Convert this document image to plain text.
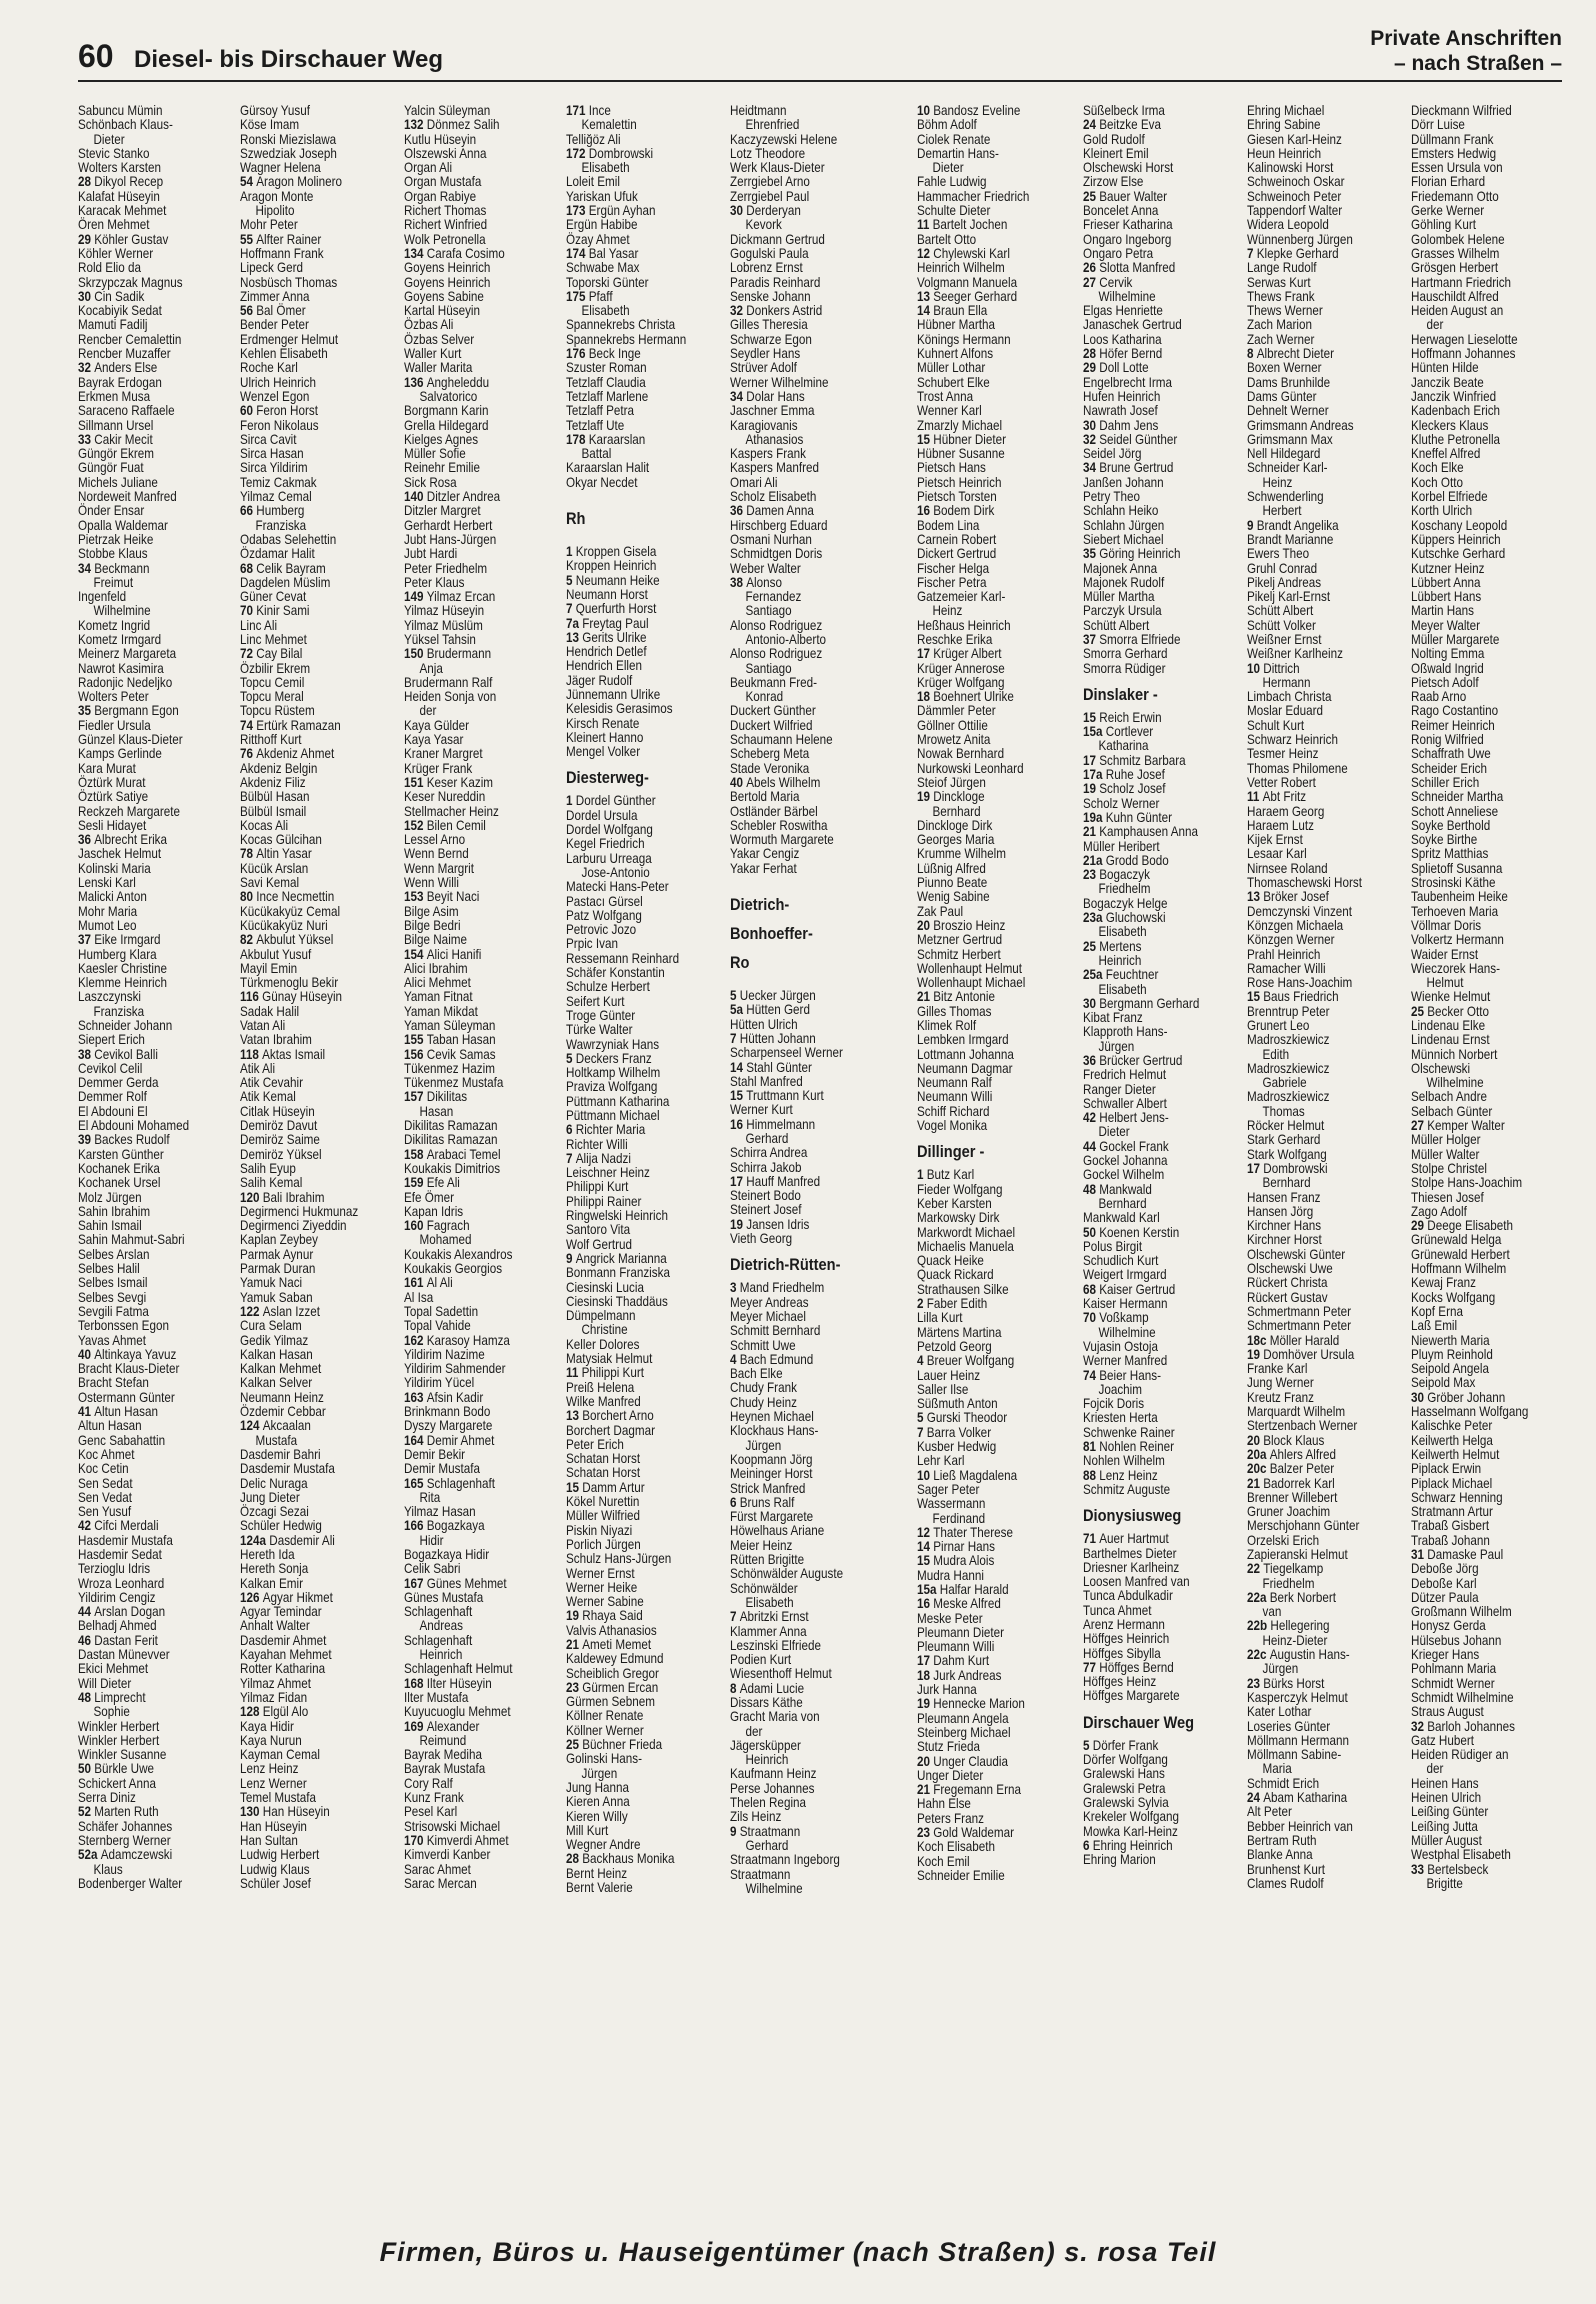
60 Diesel- bis Dirschauer Weg
Private Anschriften
– nach Straßen –
Sabuncu Mümin
Schönbach Klaus-
Dieter
Stevic Stanko
Wolters Karsten
28 Dikyol Recep
Kalafat Hüseyin
Karacak Mehmet
Ören Mehmet
29 Köhler Gustav
Köhler Werner
Rold Elio da
Skrzypczak Magnus
30 Cin Sadik
Kocabiyik Sedat
Mamuti Fadilj
Rencber Cemalettin
Rencber Muzaffer
32 Anders Else
Bayrak Erdogan
Erkmen Musa
Saraceno Raffaele
Sillmann Ursel
33 Cakir Mecit
Güngör Ekrem
Güngör Fuat
Michels Juliane
Nordeweit Manfred
Önder Ensar
Opalla Waldemar
Pietrzak Heike
Stobbe Klaus
34 Beckmann
Freimut
Ingenfeld
Wilhelmine
Kometz Ingrid
Kometz Irmgard
Meinerz Margareta
Nawrot Kasimira
Radonjic Nedeljko
Wolters Peter
35 Bergmann Egon
Fiedler Ursula
Günzel Klaus-Dieter
Kamps Gerlinde
Kara Murat
Öztürk Murat
Öztürk Satiye
Reckzeh Margarete
Sesli Hidayet
36 Albrecht Erika
Jaschek Helmut
Kolinski Maria
Lenski Karl
Malicki Anton
Mohr Maria
Mumot Leo
37 Eike Irmgard
Humberg Klara
Kaesler Christine
Klemme Heinrich
Laszczynski
Franziska
Schneider Johann
Siepert Erich
38 Cevikol Balli
Cevikol Celil
Demmer Gerda
Demmer Rolf
El Abdouni El
El Abdouni Mohamed
39 Backes Rudolf
Karsten Günther
Kochanek Erika
Kochanek Ursel
Molz Jürgen
Sahin Ibrahim
Sahin Ismail
Sahin Mahmut-Sabri
Selbes Arslan
Selbes Halil
Selbes Ismail
Selbes Sevgi
Sevgili Fatma
Terbonssen Egon
Yavas Ahmet
40 Altinkaya Yavuz
Bracht Klaus-Dieter
Bracht Stefan
Ostermann Günter
41 Altun Hasan
Altun Hasan
Genc Sabahattin
Koc Ahmet
Koc Cetin
Sen Sedat
Sen Vedat
Sen Yusuf
42 Cifci Merdali
Hasdemir Mustafa
Hasdemir Sedat
Terzioglu Idris
Wroza Leonhard
Yildirim Cengiz
44 Arslan Dogan
Belhadj Ahmed
46 Dastan Ferit
Dastan Münevver
Ekici Mehmet
Will Dieter
48 Limprecht
Sophie
Winkler Herbert
Winkler Herbert
Winkler Susanne
50 Bürkle Uwe
Schickert Anna
Serra Diniz
52 Marten Ruth
Schäfer Johannes
Sternberg Werner
52a Adamczewski
Klaus
Bodenberger Walter
Gürsoy Yusuf
Köse Imam
Ronski Miezislawa
Szwedziak Joseph
Wagner Helena
54 Aragon Molinero
Aragon Monte
Hipolito
Mohr Peter
55 Alfter Rainer
Hoffmann Frank
Lipeck Gerd
Nosbüsch Thomas
Zimmer Anna
56 Bal Ömer
Bender Peter
Erdmenger Helmut
Kehlen Elisabeth
Roche Karl
Ulrich Heinrich
Wenzel Egon
60 Feron Horst
Feron Nikolaus
Sirca Cavit
Sirca Hasan
Sirca Yildirim
Temiz Cakmak
Yilmaz Cemal
66 Humberg
Franziska
Odabas Selehettin
Özdamar Halit
68 Celik Bayram
Dagdelen Müslim
Güner Cevat
70 Kinir Sami
Linc Ali
Linc Mehmet
72 Cay Bilal
Özbilir Ekrem
Topcu Cemil
Topcu Meral
Topcu Rüstem
74 Ertürk Ramazan
Ritthoff Kurt
76 Akdeniz Ahmet
Akdeniz Belgin
Akdeniz Filiz
Bülbül Hasan
Bülbül Ismail
Kocas Ali
Kocas Gülcihan
78 Altin Yasar
Kücük Arslan
Savi Kemal
80 Ince Necmettin
Kücükakyüz Cemal
Kücükakyüz Nuri
82 Akbulut Yüksel
Akbulut Yusuf
Mayil Emin
Türkmenoglu Bekir
116 Günay Hüseyin
Sadak Halil
Vatan Ali
Vatan Ibrahim
118 Aktas Ismail
Atik Ali
Atik Cevahir
Atik Kemal
Citlak Hüseyin
Demiröz Davut
Demiröz Saime
Demiröz Yüksel
Salih Eyup
Salih Kemal
120 Bali Ibrahim
Degirmenci Hukmunaz
Degirmenci Ziyeddin
Kaplan Zeybey
Parmak Aynur
Parmak Duran
Yamuk Naci
Yamuk Saban
122 Aslan Izzet
Cura Selam
Gedik Yilmaz
Kalkan Hasan
Kalkan Mehmet
Kalkan Selver
Neumann Heinz
Özdemir Cebbar
124 Akcaalan
Mustafa
Dasdemir Bahri
Dasdemir Mustafa
Delic Nuraga
Jung Dieter
Özcagi Sezai
Schüler Hedwig
124a Dasdemir Ali
Hereth Ida
Hereth Sonja
Kalkan Emir
126 Agyar Hikmet
Agyar Temindar
Anhalt Walter
Dasdemir Ahmet
Kayahan Mehmet
Rotter Katharina
Yilmaz Ahmet
Yilmaz Fidan
128 Elgül Alo
Kaya Hidir
Kaya Nurun
Kayman Cemal
Lenz Heinz
Lenz Werner
Temel Mustafa
130 Han Hüseyin
Han Hüseyin
Han Sultan
Ludwig Herbert
Ludwig Klaus
Schüler Josef
Yalcin Süleyman
132 Dönmez Salih
Kutlu Hüseyin
Olszewski Anna
Organ Ali
Organ Mustafa
Organ Rabiye
Richert Thomas
Richert Winfried
Wolk Petronella
134 Carafa Cosimo
Goyens Heinrich
Goyens Heinrich
Goyens Sabine
Kartal Hüseyin
Özbas Ali
Özbas Selver
Waller Kurt
Waller Marita
136 Angheleddu
Salvatorico
Borgmann Karin
Grella Hildegard
Kielges Agnes
Müller Sofie
Reinehr Emilie
Sick Rosa
140 Ditzler Andrea
Ditzler Margret
Gerhardt Herbert
Jubt Hans-Jürgen
Jubt Hardi
Peter Friedhelm
Peter Klaus
149 Yilmaz Ercan
Yilmaz Hüseyin
Yilmaz Müslüm
Yüksel Tahsin
150 Brudermann
Anja
Brudermann Ralf
Heiden Sonja von
der
Kaya Gülder
Kaya Yasar
Kraner Margret
Krüger Frank
151 Keser Kazim
Keser Nureddin
Stellmacher Heinz
152 Bilen Cemil
Lessel Arno
Wenn Bernd
Wenn Margrit
Wenn Willi
153 Beyit Naci
Bilge Asim
Bilge Bedri
Bilge Naime
154 Alici Hanifi
Alici Ibrahim
Alici Mehmet
Yaman Fitnat
Yaman Mikdat
Yaman Süleyman
155 Taban Hasan
156 Cevik Samas
Tükenmez Hazim
Tükenmez Mustafa
157 Dikilitas
Hasan
Dikilitas Ramazan
Dikilitas Ramazan
158 Arabaci Temel
Koukakis Dimitrios
159 Efe Ali
Efe Ömer
Kapan Idris
160 Fagrach
Mohamed
Koukakis Alexandros
Koukakis Georgios
161 Al Ali
Al Isa
Topal Sadettin
Topal Vahide
162 Karasoy Hamza
Yildirim Nazime
Yildirim Sahmender
Yildirim Yücel
163 Afsin Kadir
Brinkmann Bodo
Dyszy Margarete
164 Demir Ahmet
Demir Bekir
Demir Mustafa
165 Schlagenhaft
Rita
Yilmaz Hasan
166 Bogazkaya
Hidir
Bogazkaya Hidir
Celik Sabri
167 Günes Mehmet
Günes Mustafa
Schlagenhaft
Andreas
Schlagenhaft
Heinrich
Schlagenhaft Helmut
168 Ilter Hüseyin
Ilter Mustafa
Kuyucuoglu Mehmet
169 Alexander
Reimund
Bayrak Mediha
Bayrak Mustafa
Cory Ralf
Kunz Frank
Pesel Karl
Strisowski Michael
170 Kimverdi Ahmet
Kimverdi Kanber
Sarac Ahmet
Sarac Mercan
171 Ince
Kemalettin
Telliğöz Ali
172 Dombrowski
Elisabeth
Loleit Emil
Yariskan Ufuk
173 Ergün Ayhan
Ergün Habibe
Özay Ahmet
174 Bal Yasar
Schwabe Max
Toporski Günter
175 Pfaff
Elisabeth
Spannekrebs Christa
Spannekrebs Hermann
176 Beck Inge
Szuster Roman
Tetzlaff Claudia
Tetzlaff Marlene
Tetzlaff Petra
Tetzlaff Ute
178 Karaarslan
Battal
Karaarslan Halit
Okyar Necdet
Rh
1 Kroppen Gisela
Kroppen Heinrich
5 Neumann Heike
Neumann Horst
7 Querfurth Horst
7a Freytag Paul
13 Gerits Ulrike
Hendrich Detlef
Hendrich Ellen
Jäger Rudolf
Jünnemann Ulrike
Kelesidis Gerasimos
Kirsch Renate
Kleinert Hanno
Mengel Volker
Diesterweg-
1 Dordel Günther
Dordel Ursula
Dordel Wolfgang
Kegel Friedrich
Larburu Urreaga
Jose-Antonio
Matecki Hans-Peter
Pastacı Gürsel
Patz Wolfgang
Petrovic Jozo
Prpic Ivan
Ressemann Reinhard
Schäfer Konstantin
Schulze Herbert
Seifert Kurt
Troge Günter
Türke Walter
Wawrzyniak Hans
5 Deckers Franz
Holtkamp Wilhelm
Praviza Wolfgang
Püttmann Katharina
Püttmann Michael
6 Richter Maria
Richter Willi
7 Alija Nadzi
Leischner Heinz
Philippi Kurt
Philippi Rainer
Ringwelski Heinrich
Santoro Vita
Wolf Gertrud
9 Angrick Marianna
Bonmann Franziska
Ciesinski Lucia
Ciesinski Thaddäus
Dümpelmann
Christine
Keller Dolores
Matysiak Helmut
11 Philippi Kurt
Preiß Helena
Wilke Manfred
13 Borchert Arno
Borchert Dagmar
Peter Erich
Schatan Horst
Schatan Horst
15 Damm Artur
Kökel Nurettin
Müller Wilfried
Piskin Niyazi
Porlich Jürgen
Schulz Hans-Jürgen
Werner Ernst
Werner Heike
Werner Sabine
19 Rhaya Said
Valvis Athanasios
21 Ameti Memet
Kaldewey Edmund
Scheiblich Gregor
23 Gürmen Ercan
Gürmen Sebnem
Köllner Renate
Köllner Werner
25 Büchner Frieda
Golinski Hans-
Jürgen
Jung Hanna
Kieren Anna
Kieren Willy
Mill Kurt
Wegner Andre
28 Backhaus Monika
Bernt Heinz
Bernt Valerie
Heidtmann
Ehrenfried
Kaczyzewski Helene
Lotz Theodore
Werk Klaus-Dieter
Zerrgiebel Arno
Zerrgiebel Paul
30 Derderyan
Kevork
Dickmann Gertrud
Gogulski Paula
Lobrenz Ernst
Paradis Reinhard
Senske Johann
32 Donkers Astrid
Gilles Theresia
Schwarze Egon
Seydler Hans
Strüver Adolf
Werner Wilhelmine
34 Dolar Hans
Jaschner Emma
Karagiovanis
Athanasios
Kaspers Frank
Kaspers Manfred
Omari Ali
Scholz Elisabeth
36 Damen Anna
Hirschberg Eduard
Osmani Nurhan
Schmidtgen Doris
Weber Walter
38 Alonso
Fernandez
Santiago
Alonso Rodriguez
Antonio-Alberto
Alonso Rodriguez
Santiago
Beukmann Fred-
Konrad
Duckert Günther
Duckert Wilfried
Schaumann Helene
Scheberg Meta
Stade Veronika
40 Abels Wilhelm
Bertold Maria
Ostländer Bärbel
Schebler Roswitha
Wormuth Margarete
Yakar Cengiz
Yakar Ferhat
Dietrich-
Bonhoeffer-
Ro
5 Uecker Jürgen
5a Hütten Gerd
Hütten Ulrich
7 Hütten Johann
Scharpenseel Werner
14 Stahl Günter
Stahl Manfred
15 Truttmann Kurt
Werner Kurt
16 Himmelmann
Gerhard
Schirra Andrea
Schirra Jakob
17 Hauff Manfred
Steinert Bodo
Steinert Josef
19 Jansen Idris
Vieth Georg
Dietrich-Rütten-
3 Mand Friedhelm
Meyer Andreas
Meyer Michael
Schmitt Bernhard
Schmitt Uwe
4 Bach Edmund
Bach Elke
Chudy Frank
Chudy Heinz
Heynen Michael
Klockhaus Hans-
Jürgen
Koopmann Jörg
Meininger Horst
Strick Manfred
6 Bruns Ralf
Fürst Margarete
Höwelhaus Ariane
Meier Heinz
Rütten Brigitte
Schönwälder Auguste
Schönwälder
Elisabeth
7 Abritzki Ernst
Klammer Anna
Leszinski Elfriede
Podien Kurt
Wiesenthoff Helmut
8 Adami Lucie
Dissars Käthe
Gracht Maria von
der
Jägersküpper
Heinrich
Kaufmann Heinz
Perse Johannes
Thelen Regina
Zils Heinz
9 Straatmann
Gerhard
Straatmann Ingeborg
Straatmann
Wilhelmine
10 Bandosz Eveline
Böhm Adolf
Ciolek Renate
Demartin Hans-
Dieter
Fahle Ludwig
Hammacher Friedrich
Schulte Dieter
11 Bartelt Jochen
Bartelt Otto
12 Chylewski Karl
Heinrich Wilhelm
Volgmann Manuela
13 Seeger Gerhard
14 Braun Ella
Hübner Martha
Könings Hermann
Kuhnert Alfons
Müller Lothar
Schubert Elke
Trost Anna
Wenner Karl
Zmarzly Michael
15 Hübner Dieter
Hübner Susanne
Pietsch Hans
Pietsch Heinrich
Pietsch Torsten
16 Bodem Dirk
Bodem Lina
Carnein Robert
Dickert Gertrud
Fischer Helga
Fischer Petra
Gatzemeier Karl-
Heinz
Heßhaus Heinrich
Reschke Erika
17 Krüger Albert
Krüger Annerose
Krüger Wolfgang
18 Boehnert Ulrike
Dämmler Peter
Göllner Ottilie
Mrowetz Anita
Nowak Bernhard
Nurkowski Leonhard
Steiof Jürgen
19 Dinckloge
Bernhard
Dinckloge Dirk
Georges Maria
Krumme Wilhelm
Lüßnig Alfred
Piunno Beate
Wenig Sabine
Zak Paul
20 Broszio Heinz
Metzner Gertrud
Schmitz Herbert
Wollenhaupt Helmut
Wollenhaupt Michael
21 Bitz Antonie
Gilles Thomas
Klimek Rolf
Lembken Irmgard
Lottmann Johanna
Neumann Dagmar
Neumann Ralf
Neumann Willi
Schiff Richard
Vogel Monika
Dillinger -
1 Butz Karl
Fieder Wolfgang
Keber Karsten
Markowsky Dirk
Markwordt Michael
Michaelis Manuela
Quack Heike
Quack Rickard
Strathausen Silke
2 Faber Edith
Lilla Kurt
Märtens Martina
Petzold Georg
4 Breuer Wolfgang
Lauer Heinz
Saller Ilse
Süßmuth Anton
5 Gurski Theodor
7 Barra Volker
Kusber Hedwig
Lehr Karl
10 Ließ Magdalena
Sager Peter
Wassermann
Ferdinand
12 Thater Therese
14 Pirnar Hans
15 Mudra Alois
Mudra Hanni
15a Halfar Harald
16 Meske Alfred
Meske Peter
Pleumann Dieter
Pleumann Willi
17 Dahm Kurt
18 Jurk Andreas
Jurk Hanna
19 Hennecke Marion
Pleumann Angela
Steinberg Michael
Stutz Frieda
20 Unger Claudia
Unger Dieter
21 Fregemann Erna
Hahn Else
Peters Franz
23 Gold Waldemar
Koch Elisabeth
Koch Emil
Schneider Emilie
Süßelbeck Irma
24 Beitzke Eva
Gold Rudolf
Kleinert Emil
Olschewski Horst
Zirzow Else
25 Bauer Walter
Boncelet Anna
Frieser Katharina
Ongaro Ingeborg
Ongaro Petra
26 Slotta Manfred
27 Cervik
Wilhelmine
Elgas Henriette
Janaschek Gertrud
Loos Katharina
28 Höfer Bernd
29 Doll Lotte
Engelbrecht Irma
Hufen Heinrich
Nawrath Josef
30 Dahm Jens
32 Seidel Günther
Seidel Jörg
34 Brune Gertrud
Janßen Johann
Petry Theo
Schlahn Heiko
Schlahn Jürgen
Siebert Michael
35 Göring Heinrich
Majonek Anna
Majonek Rudolf
Müller Martha
Parczyk Ursula
Schütt Albert
37 Smorra Elfriede
Smorra Gerhard
Smorra Rüdiger
Dinslaker -
15 Reich Erwin
15a Cortlever
Katharina
17 Schmitz Barbara
17a Ruhe Josef
19 Scholz Josef
Scholz Werner
19a Kuhn Günter
21 Kamphausen Anna
Müller Heribert
21a Grodd Bodo
23 Bogaczyk
Friedhelm
Bogaczyk Helge
23a Gluchowski
Elisabeth
25 Mertens
Heinrich
25a Feuchtner
Elisabeth
30 Bergmann Gerhard
Kibat Franz
Klapproth Hans-
Jürgen
36 Brücker Gertrud
Fredrich Helmut
Ranger Dieter
Schwaller Albert
42 Helbert Jens-
Dieter
44 Gockel Frank
Gockel Johanna
Gockel Wilhelm
48 Mankwald
Bernhard
Mankwald Karl
50 Koenen Kerstin
Polus Birgit
Schudlich Kurt
Weigert Irmgard
68 Kaiser Gertrud
Kaiser Hermann
70 Voßkamp
Wilhelmine
Vujasin Ostoja
Werner Manfred
74 Beier Hans-
Joachim
Fojcik Doris
Kriesten Herta
Schwenke Rainer
81 Nohlen Reiner
Nohlen Wilhelm
88 Lenz Heinz
Schmitz Auguste
Dionysiusweg
71 Auer Hartmut
Barthelmes Dieter
Driesner Karlheinz
Loosen Manfred van
Tunca Abdulkadir
Tunca Ahmet
Arenz Hermann
Höffges Heinrich
Höffges Sibylla
77 Höffges Bernd
Höffges Heinz
Höffges Margarete
Dirschauer Weg
5 Dörfer Frank
Dörfer Wolfgang
Gralewski Hans
Gralewski Petra
Gralewski Sylvia
Krekeler Wolfgang
Mowka Karl-Heinz
6 Ehring Heinrich
Ehring Marion
Ehring Michael
Ehring Sabine
Giesen Karl-Heinz
Heun Heinrich
Kalinowski Horst
Schweinoch Oskar
Schweinoch Peter
Tappendorf Walter
Widera Leopold
Wünnenberg Jürgen
7 Klepke Gerhard
Lange Rudolf
Serwas Kurt
Thews Frank
Thews Werner
Zach Marion
Zach Werner
8 Albrecht Dieter
Boxen Werner
Dams Brunhilde
Dams Günter
Dehnelt Werner
Grimsmann Andreas
Grimsmann Max
Nell Hildegard
Schneider Karl-
Heinz
Schwenderling
Herbert
9 Brandt Angelika
Brandt Marianne
Ewers Theo
Gruhl Conrad
Pikelj Andreas
Pikelj Karl-Ernst
Schütt Albert
Schütt Volker
Weißner Ernst
Weißner Karlheinz
10 Dittrich
Hermann
Limbach Christa
Moslar Eduard
Schult Kurt
Schwarz Heinrich
Tesmer Heinz
Thomas Philomene
Vetter Robert
11 Abt Fritz
Haraem Georg
Haraem Lutz
Kijek Ernst
Lesaar Karl
Nirnsee Roland
Thomaschewski Horst
13 Bröker Josef
Demczynski Vinzent
Könzgen Michaela
Könzgen Werner
Prahl Heinrich
Ramacher Willi
Rose Hans-Joachim
15 Baus Friedrich
Brenntrup Peter
Grunert Leo
Madroszkiewicz
Edith
Madroszkiewicz
Gabriele
Madroszkiewicz
Thomas
Röcker Helmut
Stark Gerhard
Stark Wolfgang
17 Dombrowski
Bernhard
Hansen Franz
Hansen Jörg
Kirchner Hans
Kirchner Horst
Olschewski Günter
Olschewski Uwe
Rückert Christa
Rückert Gustav
Schmertmann Peter
Schmertmann Peter
18c Möller Harald
19 Domhöver Ursula
Franke Karl
Jung Werner
Kreutz Franz
Marquardt Wilhelm
Stertzenbach Werner
20 Block Klaus
20a Ahlers Alfred
20c Balzer Peter
21 Badorrek Karl
Brenner Willebert
Gruner Joachim
Merschjohann Günter
Orzelski Erich
Zapieranski Helmut
22 Tiegelkamp
Friedhelm
22a Berk Norbert
van
22b Hellegering
Heinz-Dieter
22c Augustin Hans-
Jürgen
23 Bürks Horst
Kasperczyk Helmut
Kater Lothar
Loseries Günter
Möllmann Hermann
Möllmann Sabine-
Maria
Schmidt Erich
24 Abam Katharina
Alt Peter
Bebber Heinrich van
Bertram Ruth
Blanke Anna
Brunhenst Kurt
Clames Rudolf
Dieckmann Wilfried
Dörr Luise
Düllmann Frank
Emsters Hedwig
Essen Ursula von
Florian Erhard
Friedemann Otto
Gerke Werner
Göhling Kurt
Golombek Helene
Grasses Wilhelm
Grösgen Herbert
Hartmann Friedrich
Hauschildt Alfred
Heiden August an
der
Herwagen Lieselotte
Hoffmann Johannes
Hünten Hilde
Janczik Beate
Janczik Winfried
Kadenbach Erich
Kleckers Klaus
Kluthe Petronella
Kneffel Alfred
Koch Elke
Koch Otto
Korbel Elfriede
Korth Ulrich
Koschany Leopold
Küppers Heinrich
Kutschke Gerhard
Kutzner Heinz
Lübbert Anna
Lübbert Hans
Martin Hans
Meyer Walter
Müller Margarete
Nolting Emma
Oßwald Ingrid
Pietsch Adolf
Raab Arno
Rago Costantino
Reimer Heinrich
Ronig Wilfried
Schaffrath Uwe
Scheider Erich
Schiller Erich
Schneider Martha
Schott Anneliese
Soyke Berthold
Soyke Birthe
Spritz Matthias
Splietoff Susanna
Strosinski Käthe
Taubenheim Heike
Terhoeven Maria
Völlmar Doris
Volkertz Hermann
Waider Ernst
Wieczorek Hans-
Helmut
Wienke Helmut
25 Becker Otto
Lindenau Elke
Lindenau Ernst
Münnich Norbert
Olschewski
Wilhelmine
Selbach Andre
Selbach Günter
27 Kemper Walter
Müller Holger
Müller Walter
Stolpe Christel
Stolpe Hans-Joachim
Thiesen Josef
Zago Adolf
29 Deege Elisabeth
Grünewald Helga
Grünewald Herbert
Hoffmann Wilhelm
Kewaj Franz
Kocks Wolfgang
Kopf Erna
Laß Emil
Niewerth Maria
Pluym Reinhold
Seipold Angela
Seipold Max
30 Gröber Johann
Hasselmann Wolfgang
Kalischke Peter
Keilwerth Helga
Keilwerth Helmut
Piplack Erwin
Piplack Michael
Schwarz Henning
Stratmann Artur
Trabaß Gisbert
Trabaß Johann
31 Damaske Paul
Deboße Jörg
Deboße Karl
Dützer Paula
Großmann Wilhelm
Honysz Gerda
Hülsebus Johann
Krieger Hans
Pohlmann Maria
Schmidt Werner
Schmidt Wilhelmine
Straus August
32 Barloh Johannes
Gatz Hubert
Heiden Rüdiger an
der
Heinen Hans
Heinen Ulrich
Leißing Günter
Leißing Jutta
Müller August
Westphal Elisabeth
33 Bertelsbeck
Brigitte
Firmen, Büros u. Hauseigentümer (nach Straßen) s. rosa Teil
